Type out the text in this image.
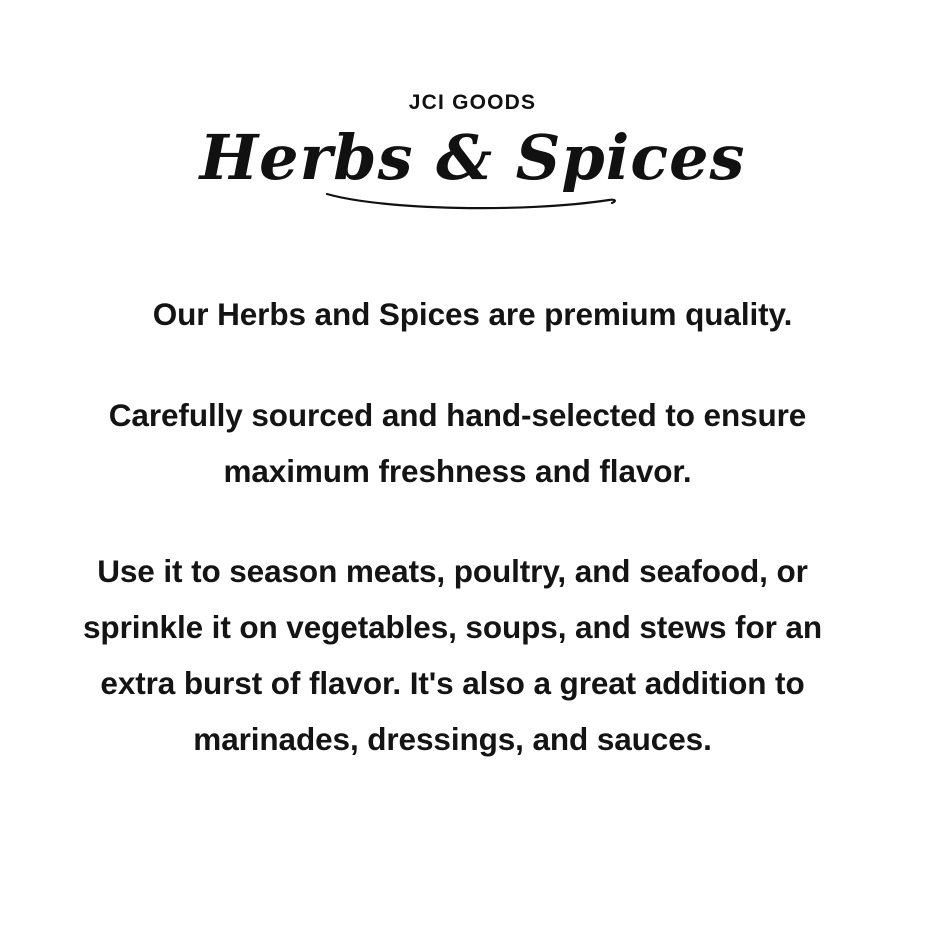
JCI GOODS
Herbs & Spices

Our Herbs and Spices are premium quality.

Carefully sourced and hand-selected to ensure maximum freshness and flavor.

Use it to season meats, poultry, and seafood, or sprinkle it on vegetables, soups, and stews for an extra burst of flavor. It's also a great addition to marinades, dressings, and sauces.
